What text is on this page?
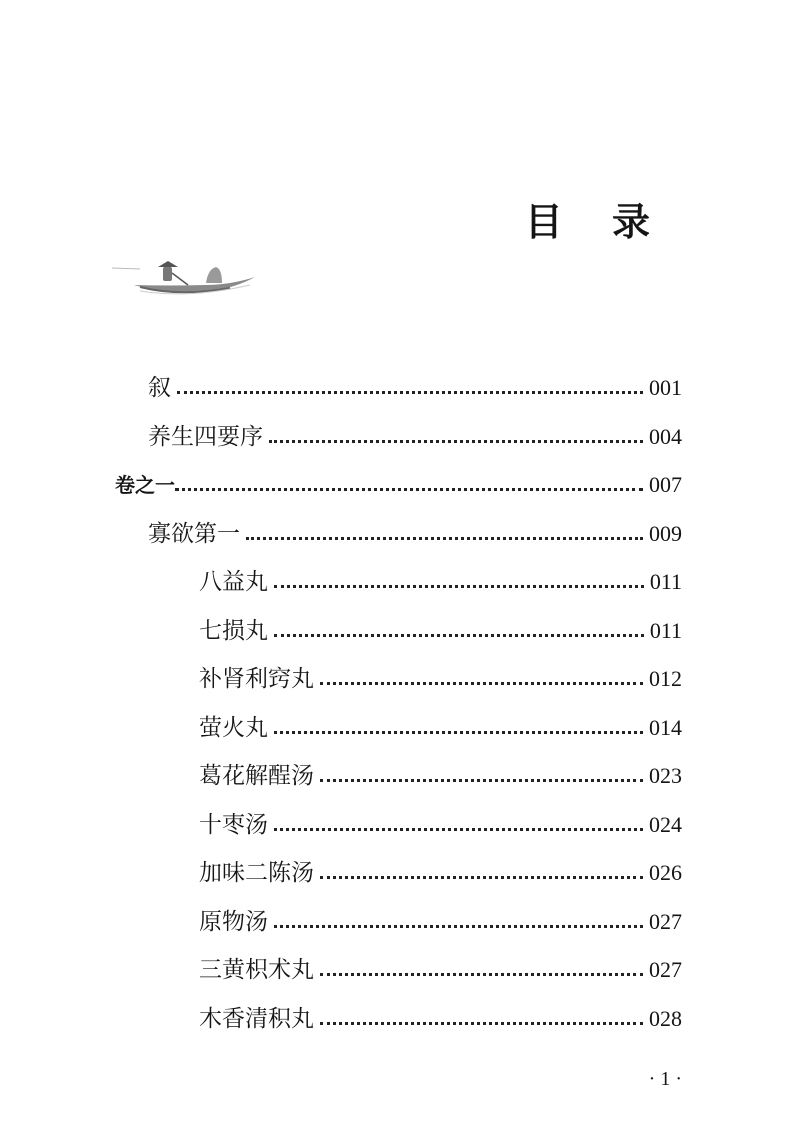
目 录
叙	001
养生四要序	004
卷之一	007
寡欲第一	009
八益丸	011
七损丸	011
补肾利窍丸	012
萤火丸	014
葛花解酲汤	023
十枣汤	024
加味二陈汤	026
原物汤	027
三黄枳术丸	027
木香清积丸	028
· 1 ·
